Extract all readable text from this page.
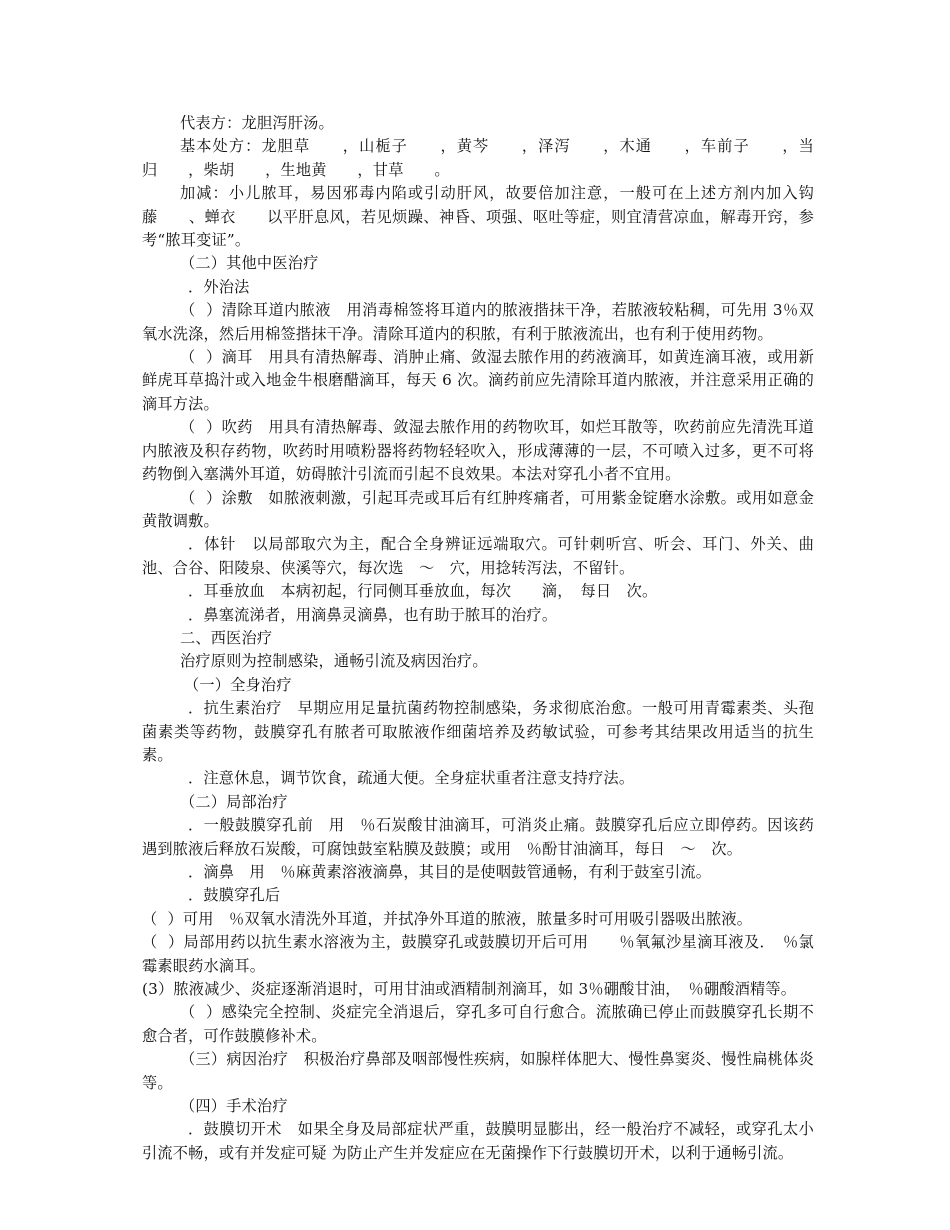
代表方：龙胆泻肝汤。

基本处方：龙胆草　　，山栀子　　，黄芩　　，泽泻　　，木通　　，车前子　　，当归　　，柴胡　　，生地黄　　，甘草　　。

加减：小儿脓耳，易因邪毒内陷或引动肝风，故要倍加注意，一般可在上述方剂内加入钩藤　　、蝉衣　　以平肝息风，若见烦躁、神昏、项强、呕吐等症，则宜清营凉血，解毒开窍，参考“脓耳变证”。

（二）其他中医治疗

．外治法

（  ）清除耳道内脓液　用消毒棉签将耳道内的脓液揩抹干净，若脓液较粘稠，可先用 3％双氧水洗涤，然后用棉签揩抹干净。清除耳道内的积脓，有利于脓液流出，也有利于使用药物。

（  ）滴耳　用具有清热解毒、消肿止痛、敛湿去脓作用的药液滴耳，如黄连滴耳液，或用新鲜虎耳草捣汁或入地金牛根磨醋滴耳，每天 6 次。滴药前应先清除耳道内脓液，并注意采用正确的滴耳方法。

（  ）吹药　用具有清热解毒、敛湿去脓作用的药物吹耳，如烂耳散等，吹药前应先清洗耳道内脓液及积存药物，吹药时用喷粉器将药物轻轻吹入，形成薄薄的一层，不可喷入过多，更不可将药物倒入塞满外耳道，妨碍脓汁引流而引起不良效果。本法对穿孔小者不宜用。

（  ）涂敷　如脓液刺激，引起耳壳或耳后有红肿疼痛者，可用紫金锭磨水涂敷。或用如意金黄散调敷。

．体针　以局部取穴为主，配合全身辨证远端取穴。可针刺听宫、听会、耳门、外关、曲池、合谷、阳陵泉、侠溪等穴，每次选　～　穴，用捻转泻法，不留针。

．耳垂放血　本病初起，行同侧耳垂放血，每次　　滴，　每日　次。

．鼻塞流涕者，用滴鼻灵滴鼻，也有助于脓耳的治疗。

二、西医治疗

治疗原则为控制感染，通畅引流及病因治疗。

（一）全身治疗

．抗生素治疗　早期应用足量抗菌药物控制感染，务求彻底治愈。一般可用青霉素类、头孢菌素类等药物，鼓膜穿孔有脓者可取脓液作细菌培养及药敏试验，可参考其结果改用适当的抗生素。

．注意休息，调节饮食，疏通大便。全身症状重者注意支持疗法。

（二）局部治疗

．一般鼓膜穿孔前　用　％石炭酸甘油滴耳，可消炎止痛。鼓膜穿孔后应立即停药。因该药遇到脓液后释放石炭酸，可腐蚀鼓室粘膜及鼓膜；或用　％酚甘油滴耳，每日　～　次。

．滴鼻　用　％麻黄素溶液滴鼻，其目的是使咽鼓管通畅，有利于鼓室引流。

．鼓膜穿孔后

（  ）可用　％双氧水清洗外耳道，并拭净外耳道的脓液，脓量多时可用吸引器吸出脓液。

（  ）局部用药以抗生素水溶液为主，鼓膜穿孔或鼓膜切开后可用　　％氧氟沙星滴耳液及．　％氯霉素眼药水滴耳。

(3）脓液减少、炎症逐渐消退时，可用甘油或酒精制剂滴耳，如 3％硼酸甘油，　％硼酸酒精等。

（  ）感染完全控制、炎症完全消退后，穿孔多可自行愈合。流脓确已停止而鼓膜穿孔长期不愈合者，可作鼓膜修补术。

（三）病因治疗　积极治疗鼻部及咽部慢性疾病，如腺样体肥大、慢性鼻窦炎、慢性扁桃体炎等。

（四）手术治疗

．鼓膜切开术　如果全身及局部症状严重，鼓膜明显膨出，经一般治疗不减轻，或穿孔太小 引流不畅，或有并发症可疑 为防止产生并发症应在无菌操作下行鼓膜切开术，以利于通畅引流。
